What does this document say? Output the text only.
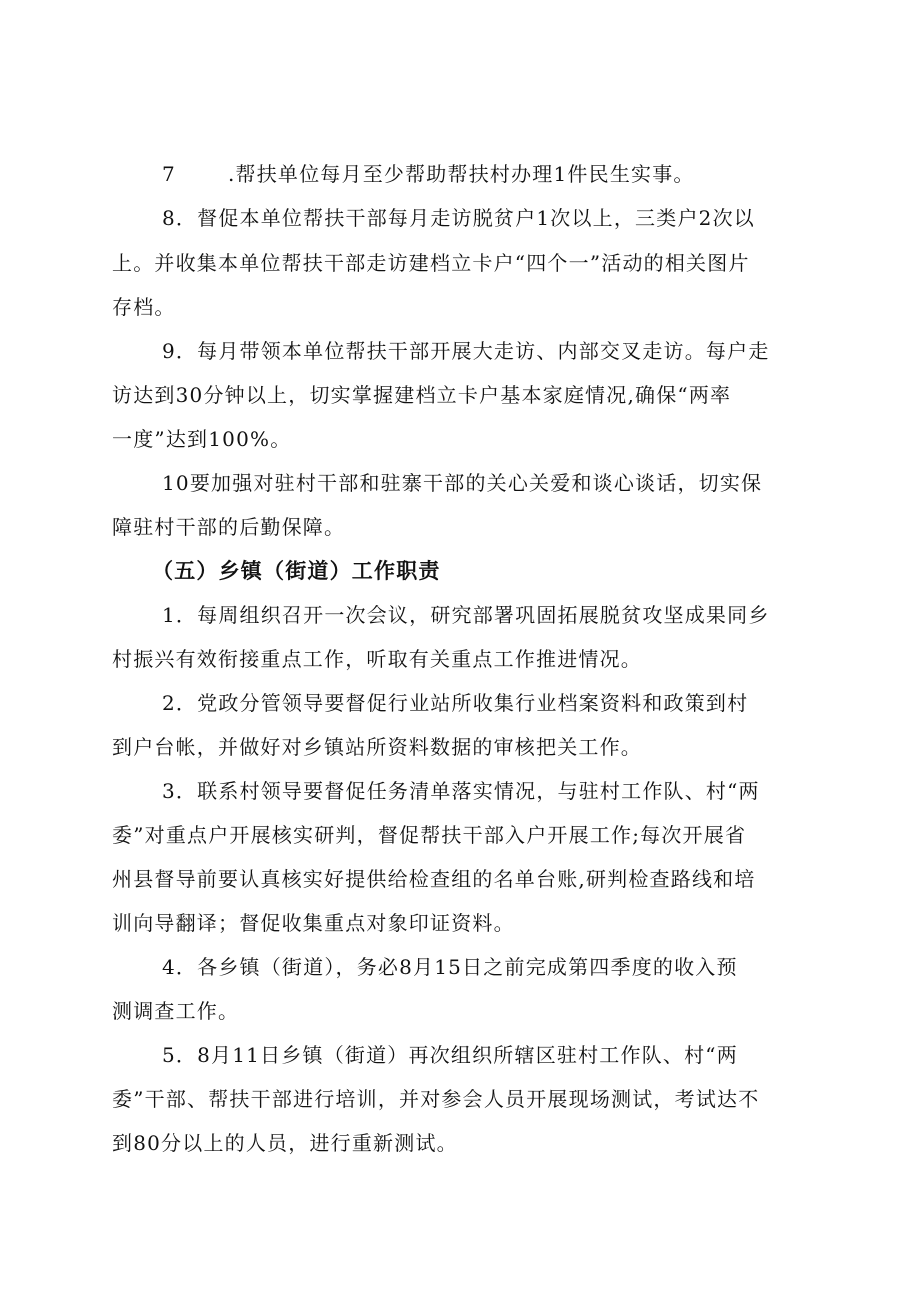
7	.帮扶单位每月至少帮助帮扶村办理1件民生实事。
8．督促本单位帮扶干部每月走访脱贫户1次以上，三类户2次以
上。并收集本单位帮扶干部走访建档立卡户“四个一”活动的相关图片
存档。
9．每月带领本单位帮扶干部开展大走访、内部交叉走访。每户走
访达到30分钟以上，切实掌握建档立卡户基本家庭情况,确保“两率
一度”达到100%。
10要加强对驻村干部和驻寨干部的关心关爱和谈心谈话，切实保
障驻村干部的后勤保障。
（五）乡镇（街道）工作职责
1．每周组织召开一次会议，研究部署巩固拓展脱贫攻坚成果同乡
村振兴有效衔接重点工作，听取有关重点工作推进情况。
2．党政分管领导要督促行业站所收集行业档案资料和政策到村
到户台帐，并做好对乡镇站所资料数据的审核把关工作。
3．联系村领导要督促任务清单落实情况，与驻村工作队、村“两
委”对重点户开展核实研判，督促帮扶干部入户开展工作;每次开展省
州县督导前要认真核实好提供给检查组的名单台账,研判检查路线和培
训向导翻译；督促收集重点对象印证资料。
4．各乡镇（街道），务必8月15日之前完成第四季度的收入预
测调查工作。
5．8月11日乡镇（街道）再次组织所辖区驻村工作队、村“两
委”干部、帮扶干部进行培训，并对参会人员开展现场测试，考试达不
到80分以上的人员，进行重新测试。
